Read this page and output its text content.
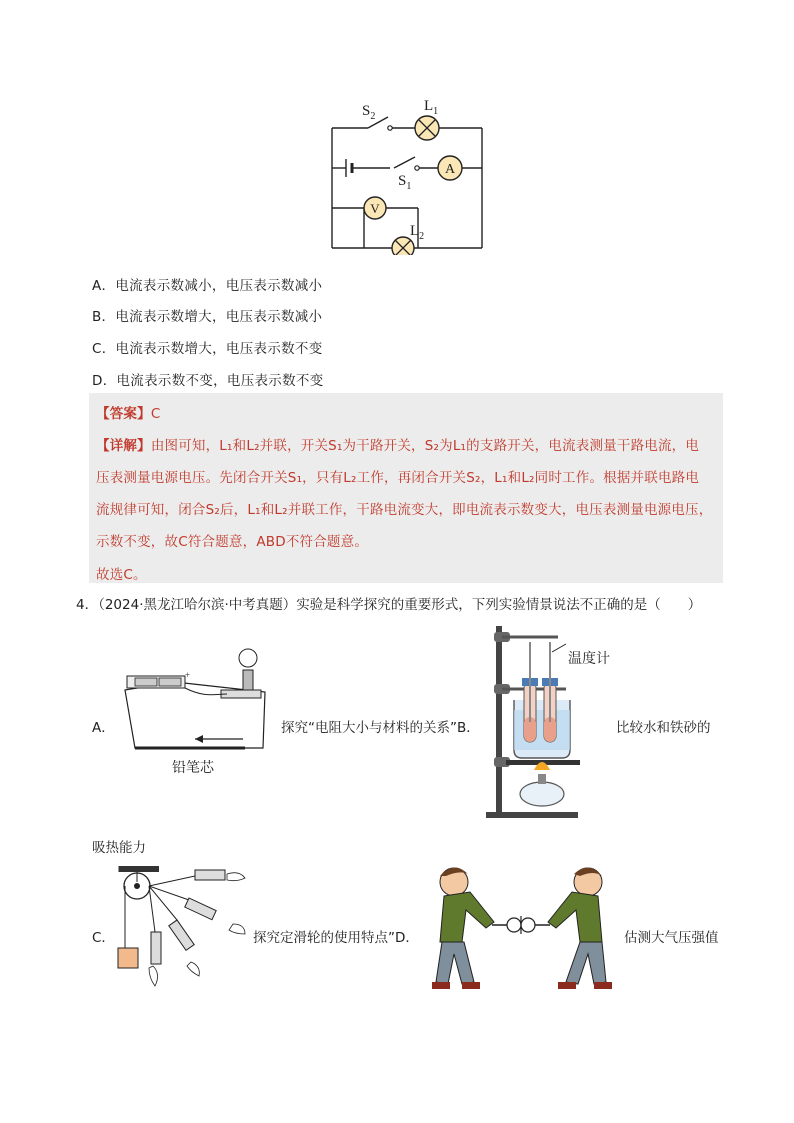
A
V
$S_2$
$L_1$
$S_1$
$L_2$
A．电流表示数减小，电压表示数减小
B．电流表示数增大，电压表示数减小
C．电流表示数增大，电压表示数不变
D．电流表示数不变，电压表示数不变
【答案】C
【详解】由图可知，L₁和L₂并联，开关S₁为干路开关，S₂为L₁的支路开关，电流表测量干路电流，电
压表测量电源电压。先闭合开关S₁，只有L₂工作，再闭合开关S₂，L₁和L₂同时工作。根据并联电路电
流规律可知，闭合S₂后，L₁和L₂并联工作，干路电流变大，即电流表示数变大，电压表测量电源电压，
示数不变，故C符合题意，ABD不符合题意。
故选C。
4．（2024·黑龙江哈尔滨·中考真题）实验是科学探究的重要形式，下列实验情景说法不正确的是（　　）
+
铅笔芯
A．	探究“电阻大小与材料的关系”B．
温度计
比较水和铁砂的
吸热能力
C．	探究定滑轮的使用特点”D．	估测大气压强值
